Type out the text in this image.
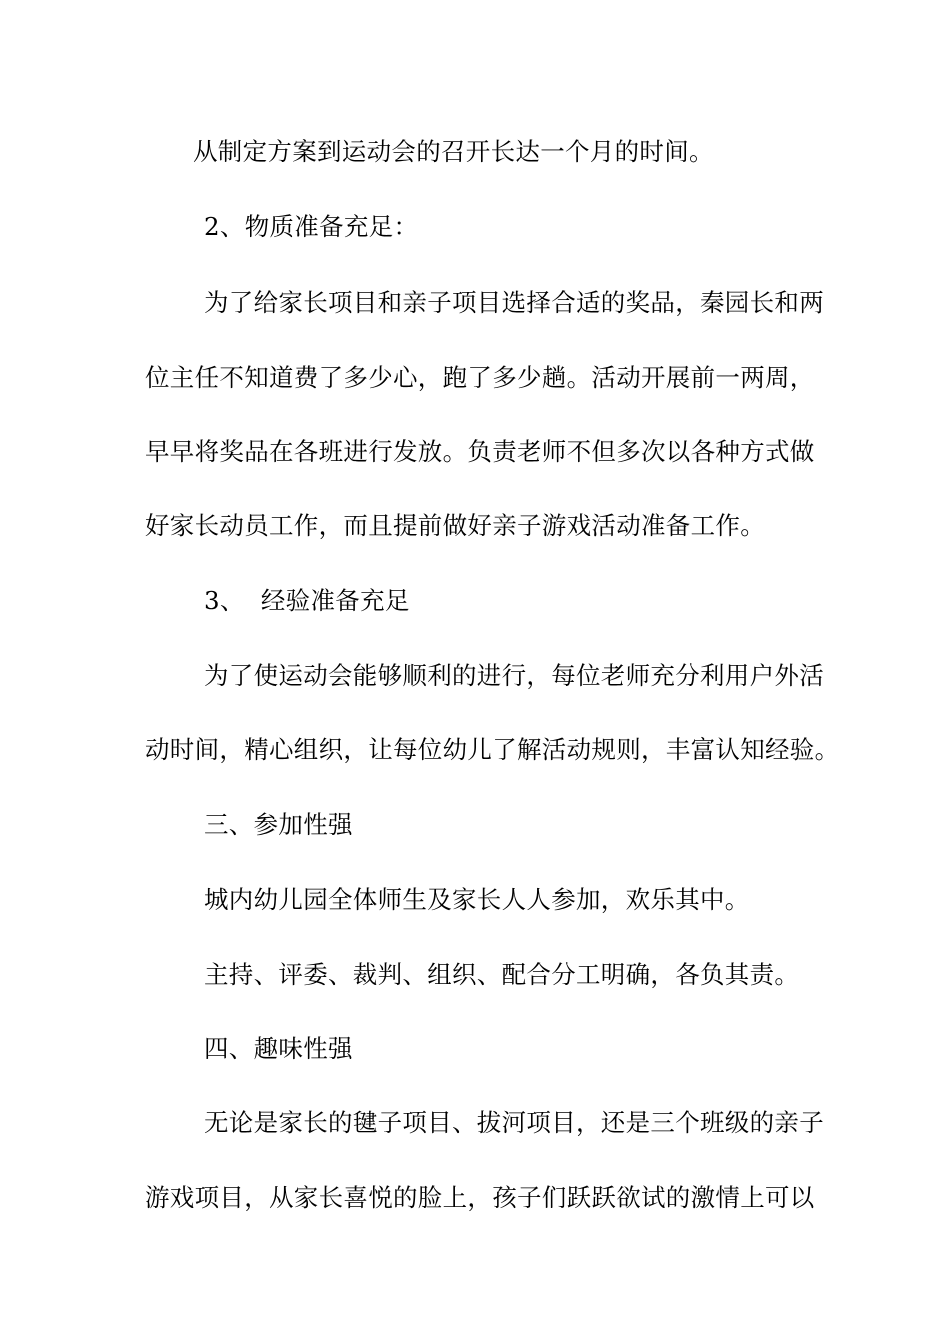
从制定方案到运动会的召开长达一个月的时间。
2、物质准备充足：
为了给家长项目和亲子项目选择合适的奖品，秦园长和两
位主任不知道费了多少心，跑了多少趟。活动开展前一两周，
早早将奖品在各班进行发放。负责老师不但多次以各种方式做
好家长动员工作，而且提前做好亲子游戏活动准备工作。
3、  经验准备充足
为了使运动会能够顺利的进行，每位老师充分利用户外活
动时间，精心组织，让每位幼儿了解活动规则，丰富认知经验。
三、参加性强
城内幼儿园全体师生及家长人人参加，欢乐其中。
主持、评委、裁判、组织、配合分工明确，各负其责。
四、趣味性强
无论是家长的毽子项目、拔河项目，还是三个班级的亲子
游戏项目，从家长喜悦的脸上，孩子们跃跃欲试的激情上可以
